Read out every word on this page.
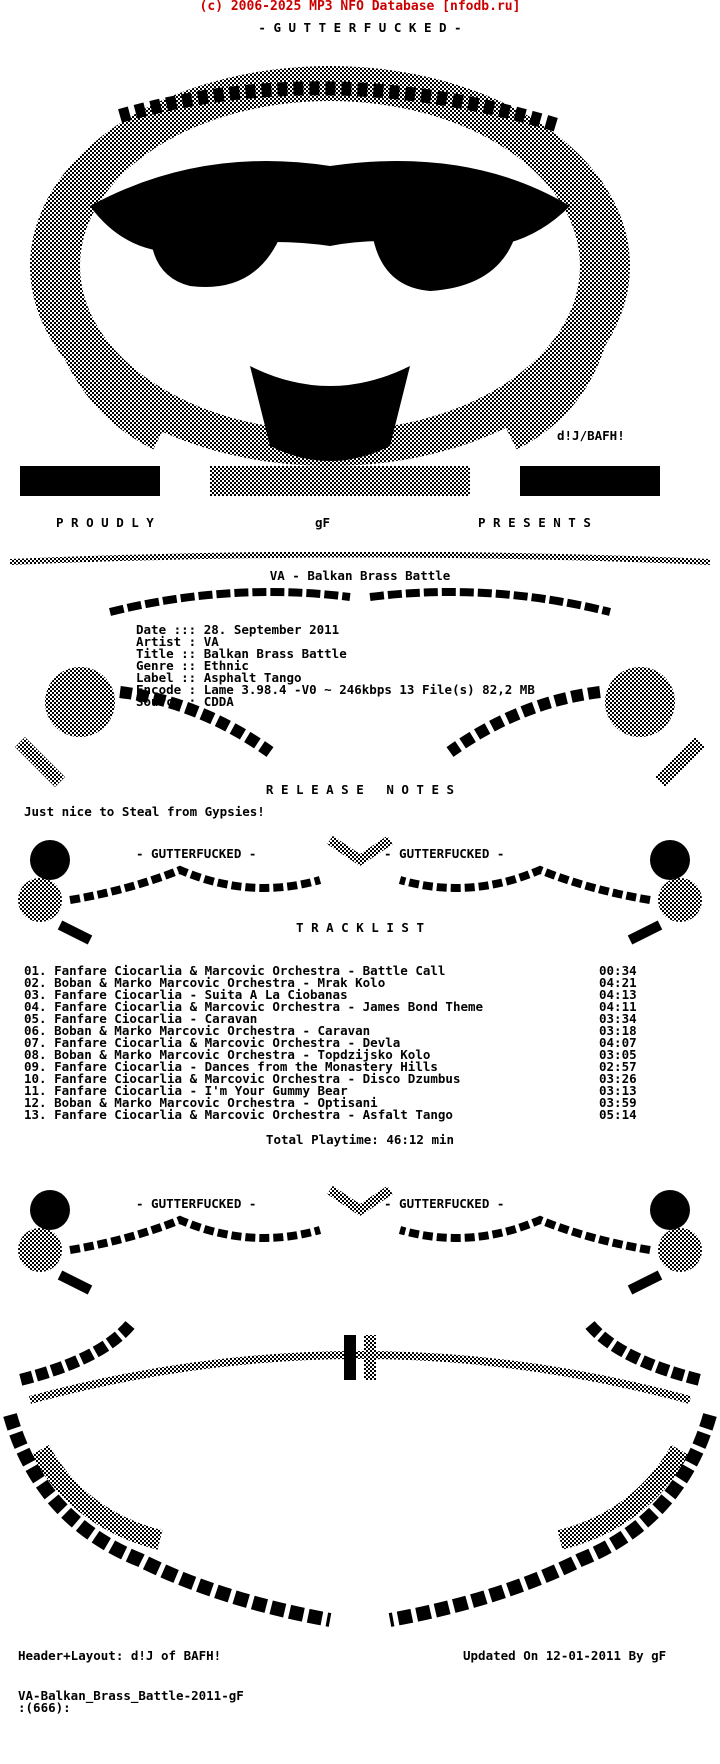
(c) 2006-2025 MP3 NFO Database [nfodb.ru]
- G U T T E R F U C K E D -
d!J/BAFH!
P R O U D L Y	gF	P R E S E N T S
VA - Balkan Brass Battle
Date ::: 28. September 2011
Artist : VA
Title :: Balkan Brass Battle
Genre :: Ethnic
Label :: Asphalt Tango
Encode : Lame 3.98.4 -V0 ~ 246kbps 13 File(s) 82,2 MB
Source : CDDA
R E L E A S E   N O T E S
Just nice to Steal from Gypsies!
- GUTTERFUCKED -	- GUTTERFUCKED -
T R A C K L I S T
01. Fanfare Ciocarlia & Marcovic Orchestra - Battle Call	00:34
02. Boban & Marko Marcovic Orchestra - Mrak Kolo	04:21
03. Fanfare Ciocarlia - Suita A La Ciobanas	04:13
04. Fanfare Ciocarlia & Marcovic Orchestra - James Bond Theme	04:11
05. Fanfare Ciocarlia - Caravan	03:34
06. Boban & Marko Marcovic Orchestra - Caravan	03:18
07. Fanfare Ciocarlia & Marcovic Orchestra - Devla	04:07
08. Boban & Marko Marcovic Orchestra - Topdzijsko Kolo	03:05
09. Fanfare Ciocarlia - Dances from the Monastery Hills	02:57
10. Fanfare Ciocarlia & Marcovic Orchestra - Disco Dzumbus	03:26
11. Fanfare Ciocarlia - I'm Your Gummy Bear	03:13
12. Boban & Marko Marcovic Orchestra - Optisani	03:59
13. Fanfare Ciocarlia & Marcovic Orchestra - Asfalt Tango	05:14
Total Playtime: 46:12 min
- GUTTERFUCKED -	- GUTTERFUCKED -
Header+Layout: d!J of BAFH!	Updated On 12-01-2011 By gF
VA-Balkan_Brass_Battle-2011-gF
:(666):
